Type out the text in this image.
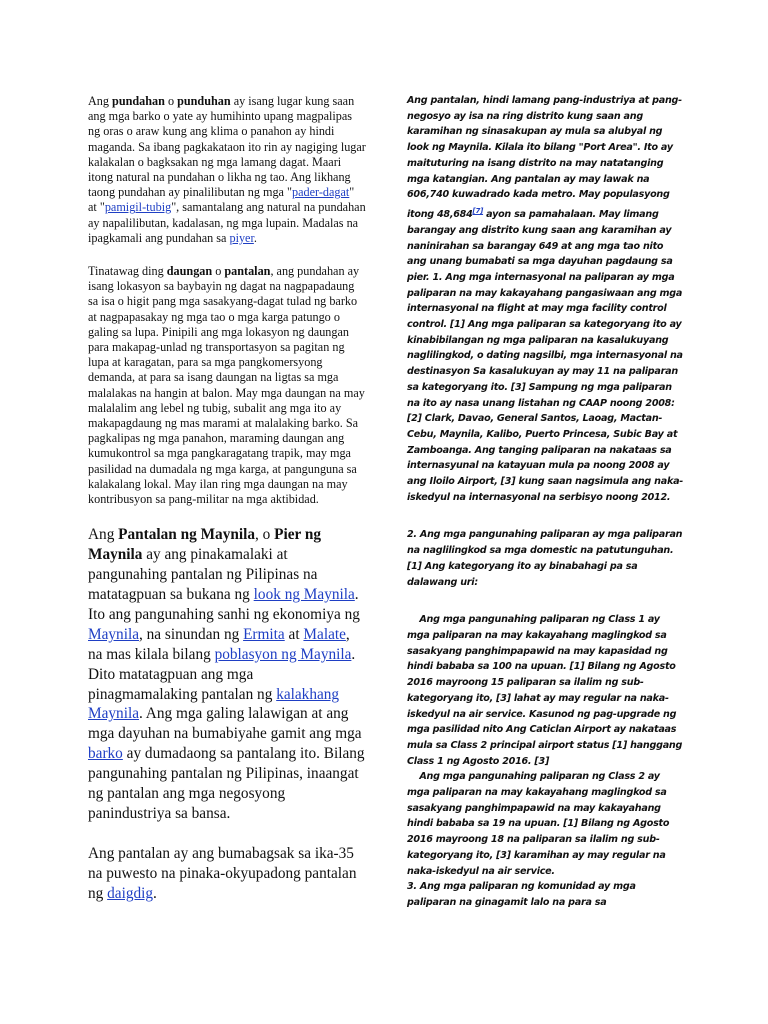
Ang pundahan o punduhan ay isang lugar kung saan ang mga barko o yate ay humihinto upang magpalipas ng oras o araw kung ang klima o panahon ay hindi maganda. Sa ibang pagkakataon ito rin ay nagiging lugar kalakalan o bagksakan ng mga lamang dagat. Maari itong natural na pundahan o likha ng tao. Ang likhang taong pundahan ay pinalilibutan ng mga "pader-dagat" at "pamigil-tubig", samantalang ang natural na pundahan ay napalilibutan, kadalasan, ng mga lupain. Madalas na ipagkamali ang pundahan sa piyer.

Tinatawag ding daungan o pantalan, ang pundahan ay isang lokasyon sa baybayin ng dagat na nagpapadaung sa isa o higit pang mga sasakyang-dagat tulad ng barko at nagpapasakay ng mga tao o mga karga patungo o galing sa lupa. Pinipili ang mga lokasyon ng daungan para makapag-unlad ng transportasyon sa pagitan ng lupa at karagatan, para sa mga pangkomersyong demanda, at para sa isang daungan na ligtas sa mga malalakas na hangin at balon. May mga daungan na may malalalim ang lebel ng tubig, subalit ang mga ito ay makapagdaung ng mas marami at malalaking barko. Sa pagkalipas ng mga panahon, maraming daungan ang kumukontrol sa mga pangkaragatang trapik, may mga pasilidad na dumadala ng mga karga, at pangunguna sa kalakalang lokal. May ilan ring mga daungan na may kontribusyon sa pang-militar na mga aktibidad.

Ang Pantalan ng Maynila, o Pier ng Maynila ay ang pinakamalaki at pangunahing pantalan ng Pilipinas na matatagpuan sa bukana ng look ng Maynila. Ito ang pangunahing sanhi ng ekonomiya ng Maynila, na sinundan ng Ermita at Malate, na mas kilala bilang poblasyon ng Maynila. Dito matatagpuan ang mga pinagmamalaking pantalan ng kalakhang Maynila. Ang mga galing lalawigan at ang mga dayuhan na bumabiyahe gamit ang mga barko ay dumadaong sa pantalang ito. Bilang pangunahing pantalan ng Pilipinas, inaangat ng pantalan ang mga negosyong panindustriya sa bansa.

Ang pantalan ay ang bumabagsak sa ika-35 na puwesto na pinaka-okyupadong pantalan ng daigdig.

Ang pantalan, hindi lamang pang-industriya at pang-negosyo ay isa na ring distrito kung saan ang karamihan ng sinasakupan ay mula sa alubyal ng look ng Maynila. Kilala ito bilang "Port Area". Ito ay maituturing na isang distrito na may natatanging mga katangian. Ang pantalan ay may lawak na 606,740 kuwadrado kada metro. May populasyong itong 48,684[7] ayon sa pamahalaan. May limang barangay ang distrito kung saan ang karamihan ay naninirahan sa barangay 649 at ang mga tao nito ang unang bumabati sa mga dayuhan pagdaung sa pier. 1. Ang mga internasyonal na paliparan ay mga paliparan na may kakayahang pangasiwaan ang mga internasyonal na flight at may mga facility control control. [1] Ang mga paliparan sa kategoryang ito ay kinabibilangan ng mga paliparan na kasalukuyang naglilingkod, o dating nagsilbi, mga internasyonal na destinasyon Sa kasalukuyan ay may 11 na paliparan sa kategoryang ito. [3] Sampung ng mga paliparan na ito ay nasa unang listahan ng CAAP noong 2008: [2] Clark, Davao, General Santos, Laoag, Mactan-Cebu, Maynila, Kalibo, Puerto Princesa, Subic Bay at Zamboanga. Ang tanging paliparan na nakataas sa internasyunal na katayuan mula pa noong 2008 ay ang Iloilo Airport, [3] kung saan nagsimula ang naka-iskedyul na internasyonal na serbisyo noong 2012.

2. Ang mga pangunahing paliparan ay mga paliparan na naglilingkod sa mga domestic na patutunguhan. [1] Ang kategoryang ito ay binabahagi pa sa dalawang uri:

Ang mga pangunahing paliparan ng Class 1 ay mga paliparan na may kakayahang maglingkod sa sasakyang panghimpapawid na may kapasidad ng hindi bababa sa 100 na upuan. [1] Bilang ng Agosto 2016 mayroong 15 paliparan sa ilalim ng sub-kategoryang ito, [3] lahat ay may regular na naka-iskedyul na air service. Kasunod ng pag-upgrade ng mga pasilidad nito Ang Caticlan Airport ay nakataas mula sa Class 2 principal airport status [1] hanggang Class 1 ng Agosto 2016. [3]

Ang mga pangunahing paliparan ng Class 2 ay mga paliparan na may kakayahang maglingkod sa sasakyang panghimpapawid na may kakayahang hindi bababa sa 19 na upuan. [1] Bilang ng Agosto 2016 mayroong 18 na paliparan sa ilalim ng sub-kategoryang ito, [3] karamihan ay may regular na naka-iskedyul na air service.

3. Ang mga paliparan ng komunidad ay mga paliparan na ginagamit lalo na para sa
